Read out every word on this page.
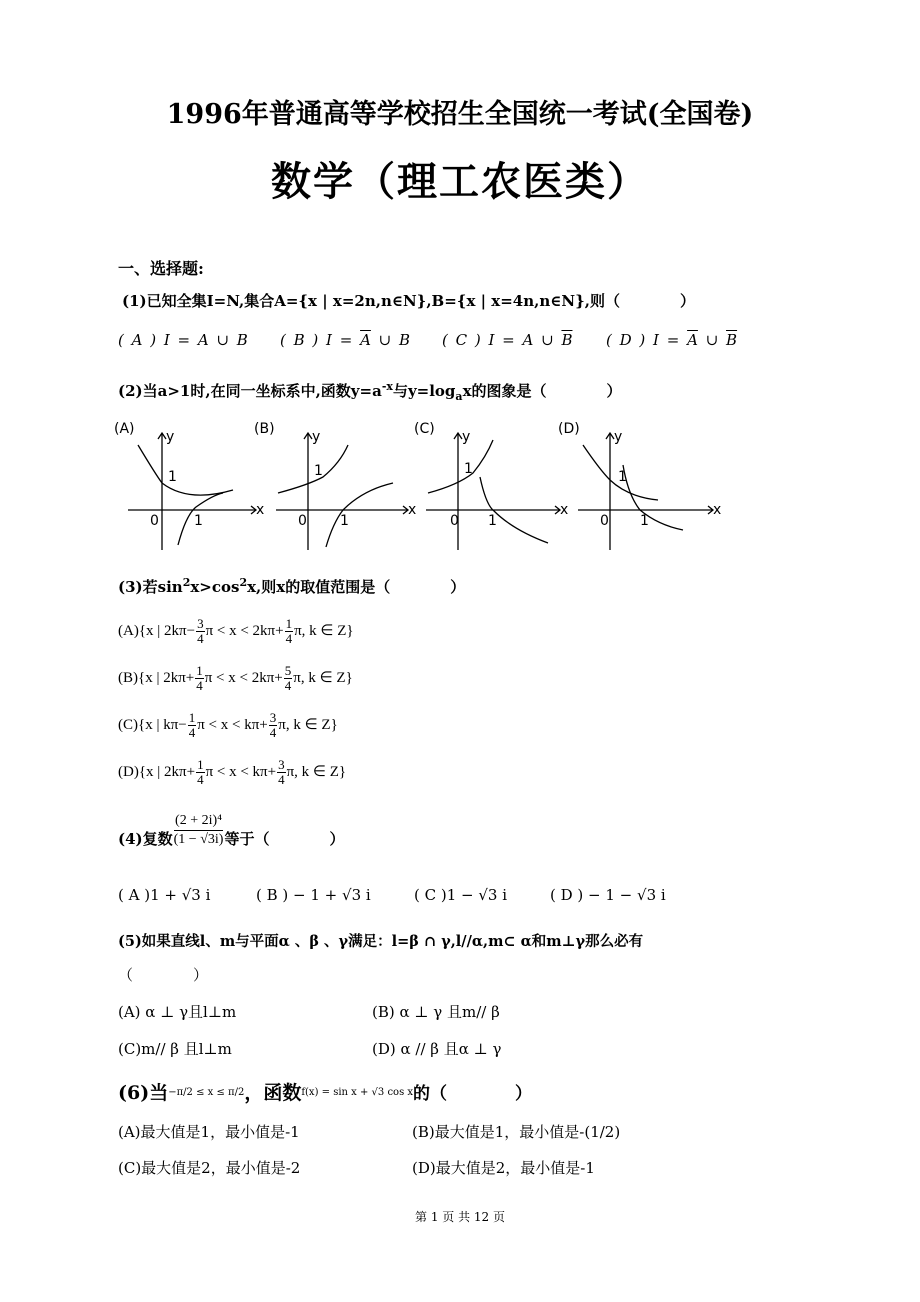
1996年普通高等学校招生全国统一考试(全国卷)
数学（理工农医类）
一、选择题:
(1)已知全集I=N,集合A={x | x=2n,n∈N},B={x | x=4n,n∈N},则（　　　　）
( A ) I = A ∪ B ( B ) $I = \overline{A}$ ∪ B ( C ) I = A ∪ $\overline{B}$ ( D ) $I = \overline{A}$ ∪ $\overline{B}$
(2)当a>1时,在同一坐标系中,函数$y=a^{-x}$与$y=\log_ax$的图象是（　　　　）
(A) y
x
0
1
1
(B)	y
x
0
1
1
(C) y
x
0
1
1
(D) y
x
0
1
1
(3)若$\sin^2x>\cos^2x$,则x的取值范围是（　　　　）
(A){x | $2k\pi- \frac{3}{4}$ $\pi < x < 2k\pi+ \frac{1}{4} \pi$, k ∈ Z}
(B){x | $2k\pi+ \frac{1}{4}$ $\pi < x < 2k\pi+ \frac{5}{4} \pi$, k ∈ Z}
(C){x | $k\pi- \frac{1}{4}$ $\pi < x < k\pi+ \frac{3}{4} \pi$, k ∈ Z}
(D){x | $2k\pi+ \frac{1}{4}$ $\pi < x < k\pi+ \frac{3}{4} \pi$, k ∈ Z}
(4)复数 $\frac{\text{(2 + 2i)⁴}}{(1 - √3i)}$ 等于（　　　　）
( A )1 + √3 i	( B ) − 1 + √3 i	( C )1 − √3 i	( D ) − 1 − √3 i
(5)如果直线l、m与平面α 、β 、γ满足：l=β ∩ γ,l//α,m⊂ α和m⊥γ那么必有
（　　　　）
(A) α ⊥ γ且l⊥m	(B) α ⊥ γ 且m// β
(C)m// β 且l⊥m	(D) α // β 且α ⊥ γ
(6)当$^{-\pi/2 \le x \le \pi/2}$，函数$^{f(x) = sin x + √3 cos x}$的（　　　　）
(A)最大值是1，最小值是-1	(B)最大值是1，最小值是-(1/2)
(C)最大值是2，最小值是-2	(D)最大值是2，最小值是-1
第 1 页 共 12 页
